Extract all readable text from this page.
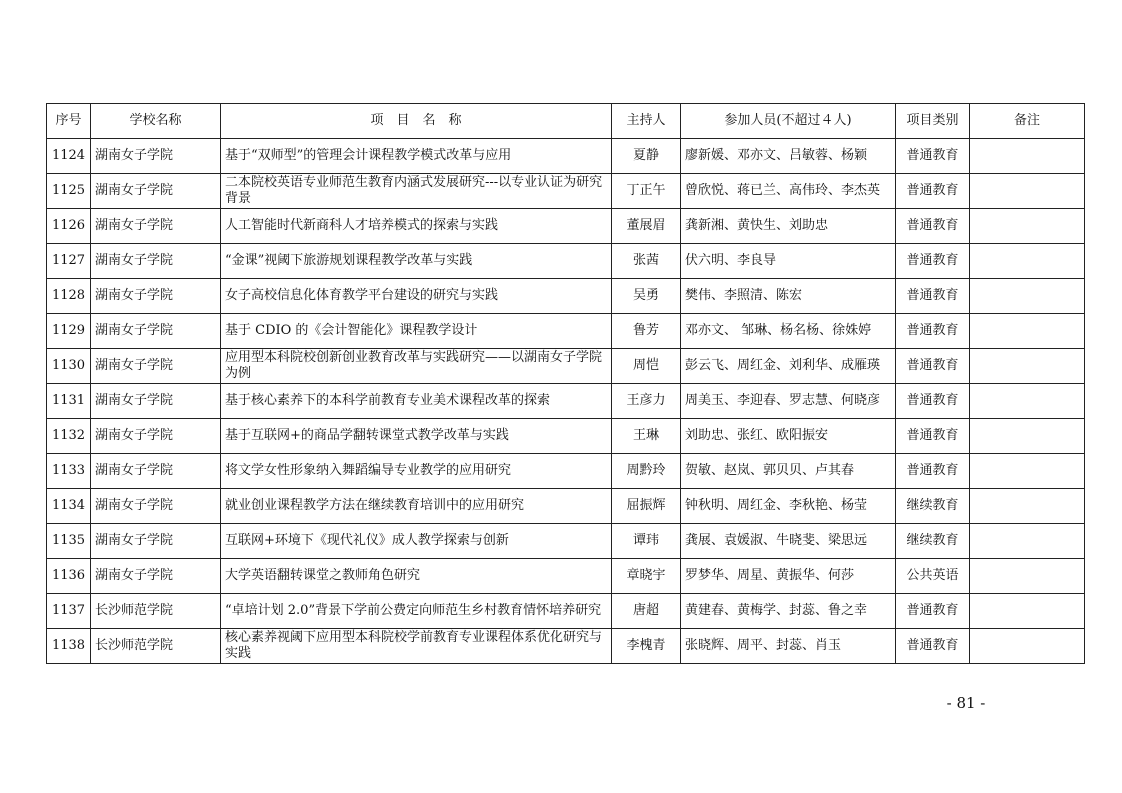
序号	学校名称	项　目　名　称	主持人	参加人员(不超过４人)	项目类别	备注
1124	湖南女子学院	基于“双师型”的管理会计课程教学模式改革与应用	夏静	廖新媛、邓亦文、吕敏蓉、杨颖	普通教育	
1125	湖南女子学院	二本院校英语专业师范生教育内涵式发展研究---以专业认证为研究背景	丁正午	曾欣悦、蒋已兰、高伟玲、李杰英	普通教育	
1126	湖南女子学院	人工智能时代新商科人才培养模式的探索与实践	董展眉	龚新湘、黄快生、刘助忠	普通教育	
1127	湖南女子学院	“金课”视阈下旅游规划课程教学改革与实践	张茜	伏六明、李良导	普通教育	
1128	湖南女子学院	女子高校信息化体育教学平台建设的研究与实践	吴勇	樊伟、李照清、陈宏	普通教育	
1129	湖南女子学院	基于 CDIO 的《会计智能化》课程教学设计	鲁芳	邓亦文、 邹琳、杨名杨、徐姝婷	普通教育	
1130	湖南女子学院	应用型本科院校创新创业教育改革与实践研究——以湖南女子学院为例	周恺	彭云飞、周红金、刘利华、成雁瑛	普通教育	
1131	湖南女子学院	基于核心素养下的本科学前教育专业美术课程改革的探索	王彦力	周美玉、李迎春、罗志慧、何晓彦	普通教育	
1132	湖南女子学院	基于互联网+的商品学翻转课堂式教学改革与实践	王琳	刘助忠、张红、欧阳振安	普通教育	
1133	湖南女子学院	将文学女性形象纳入舞蹈编导专业教学的应用研究	周黔玲	贺敏、赵岚、郭贝贝、卢其春	普通教育	
1134	湖南女子学院	就业创业课程教学方法在继续教育培训中的应用研究	屈振辉	钟秋明、周红金、李秋艳、杨莹	继续教育	
1135	湖南女子学院	互联网+环境下《现代礼仪》成人教学探索与创新	谭玮	龚展、袁媛淑、牛晓斐、梁思远	继续教育	
1136	湖南女子学院	大学英语翻转课堂之教师角色研究	章晓宇	罗梦华、周星、黄振华、何莎	公共英语	
1137	长沙师范学院	“卓培计划 2.0”背景下学前公费定向师范生乡村教育情怀培养研究	唐超	黄建春、黄梅学、封蕊、鲁之幸	普通教育	
1138	长沙师范学院	核心素养视阈下应用型本科院校学前教育专业课程体系优化研究与实践	李槐青	张晓辉、周平、封蕊、肖玉	普通教育	
- 81 -
